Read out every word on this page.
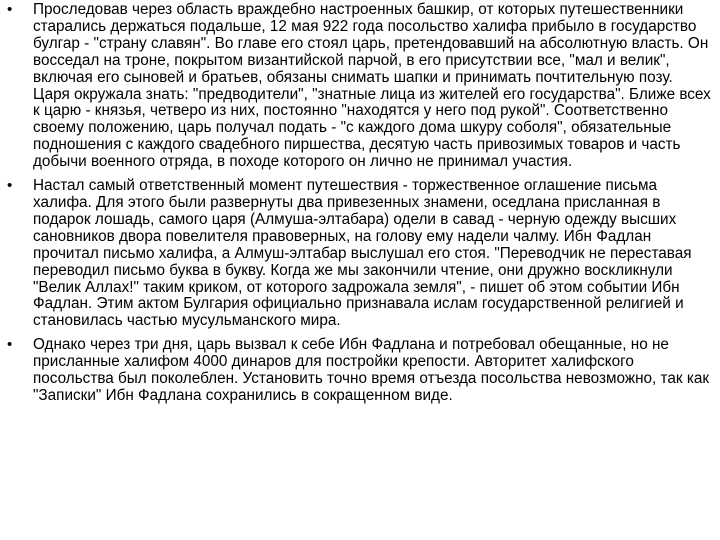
• Проследовав через область враждебно настроенных башкир, от которых путешественники старались держаться подальше, 12 мая 922 года посольство халифа прибыло в государство булгар - "страну славян". Во главе его стоял царь, претендовавший на абсолютную власть. Он восседал на троне, покрытом византийской парчой, в его присутствии все, "мал и велик", включая его сыновей и братьев, обязаны снимать шапки и принимать почтительную позу. Царя окружала знать: "предводители", "знатные лица из жителей его государства". Ближе всех к царю - князья, четверо из них, постоянно "находятся у него под рукой". Соответственно своему положению, царь получал подать - "с каждого дома шкуру соболя", обязательные подношения с каждого свадебного пиршества, десятую часть привозимых товаров и часть добычи военного отряда, в походе которого он лично не принимал участия.
• Настал самый ответственный момент путешествия - торжественное оглашение письма халифа. Для этого были развернуты два привезенных знамени, оседлана присланная в подарок лошадь, самого царя (Алмуша-элтабара) одели в савад - черную одежду высших сановников двора повелителя правоверных, на голову ему надели чалму. Ибн Фадлан прочитал письмо халифа, а Алмуш-элтабар выслушал его стоя. "Переводчик не переставая переводил письмо буква в букву. Когда же мы закончили чтение, они дружно воскликнули "Велик Аллах!" таким криком, от которого задрожала земля", - пишет об этом событии Ибн Фадлан. Этим актом Булгария официально признавала ислам государственной религией и становилась частью мусульманского мира.
• Однако через три дня, царь вызвал к себе Ибн Фадлана и потребовал обещанные, но не присланные халифом 4000 динаров для постройки крепости. Авторитет халифского посольства был поколеблен. Установить точно время отъезда посольства невозможно, так как "Записки" Ибн Фадлана сохранились в сокращенном виде.
